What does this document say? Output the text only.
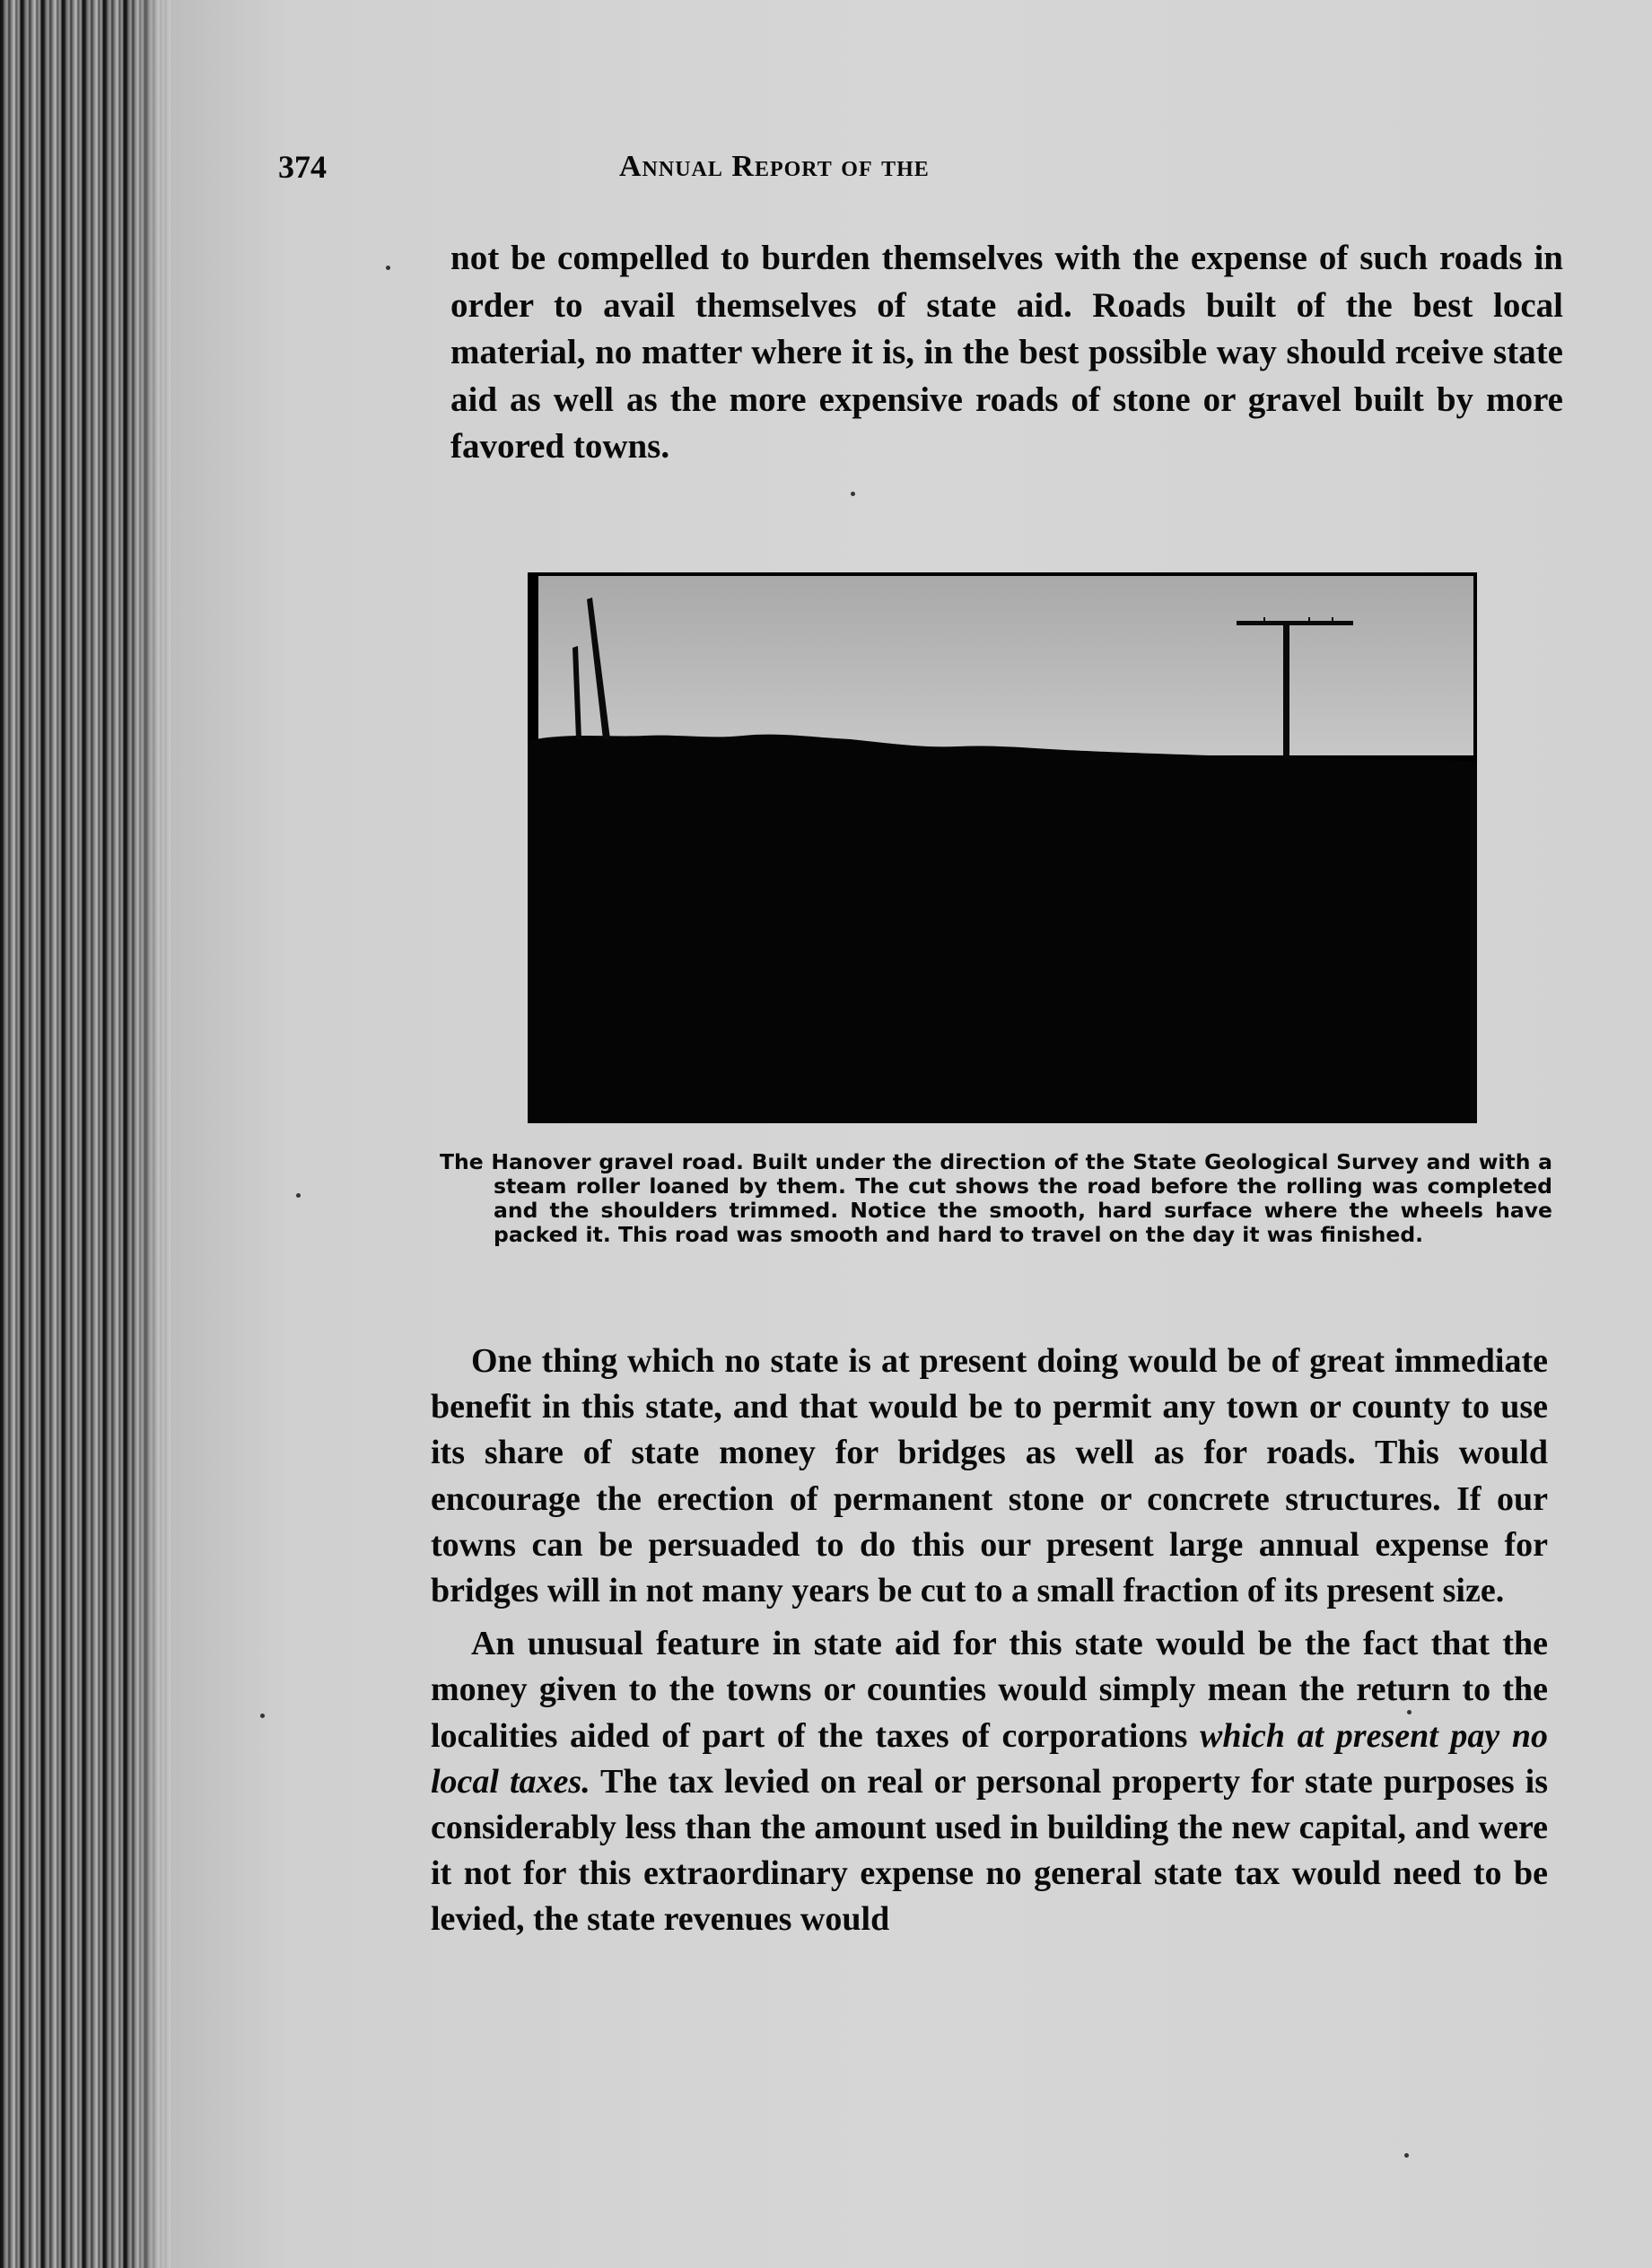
374	Annual Report of the

not be compelled to burden themselves with the expense of such roads in order to avail themselves of state aid. Roads built of the best local material, no matter where it is, in the best possible way should rceive state aid as well as the more expensive roads of stone or gravel built by more favored towns.

The Hanover gravel road. Built under the direction of the State Geological Survey and with a steam roller loaned by them. The cut shows the road before the rolling was completed and the shoulders trimmed. Notice the smooth, hard surface where the wheels have packed it. This road was smooth and hard to travel on the day it was finished.

One thing which no state is at present doing would be of great immediate benefit in this state, and that would be to permit any town or county to use its share of state money for bridges as well as for roads. This would encourage the erection of permanent stone or concrete structures. If our towns can be persuaded to do this our present large annual expense for bridges will in not many years be cut to a small fraction of its present size.

An unusual feature in state aid for this state would be the fact that the money given to the towns or counties would simply mean the return to the localities aided of part of the taxes of corporations which at present pay no local taxes. The tax levied on real or personal property for state purposes is considerably less than the amount used in building the new capital, and were it not for this extraordinary expense no general state tax would need to be levied, the state revenues would
